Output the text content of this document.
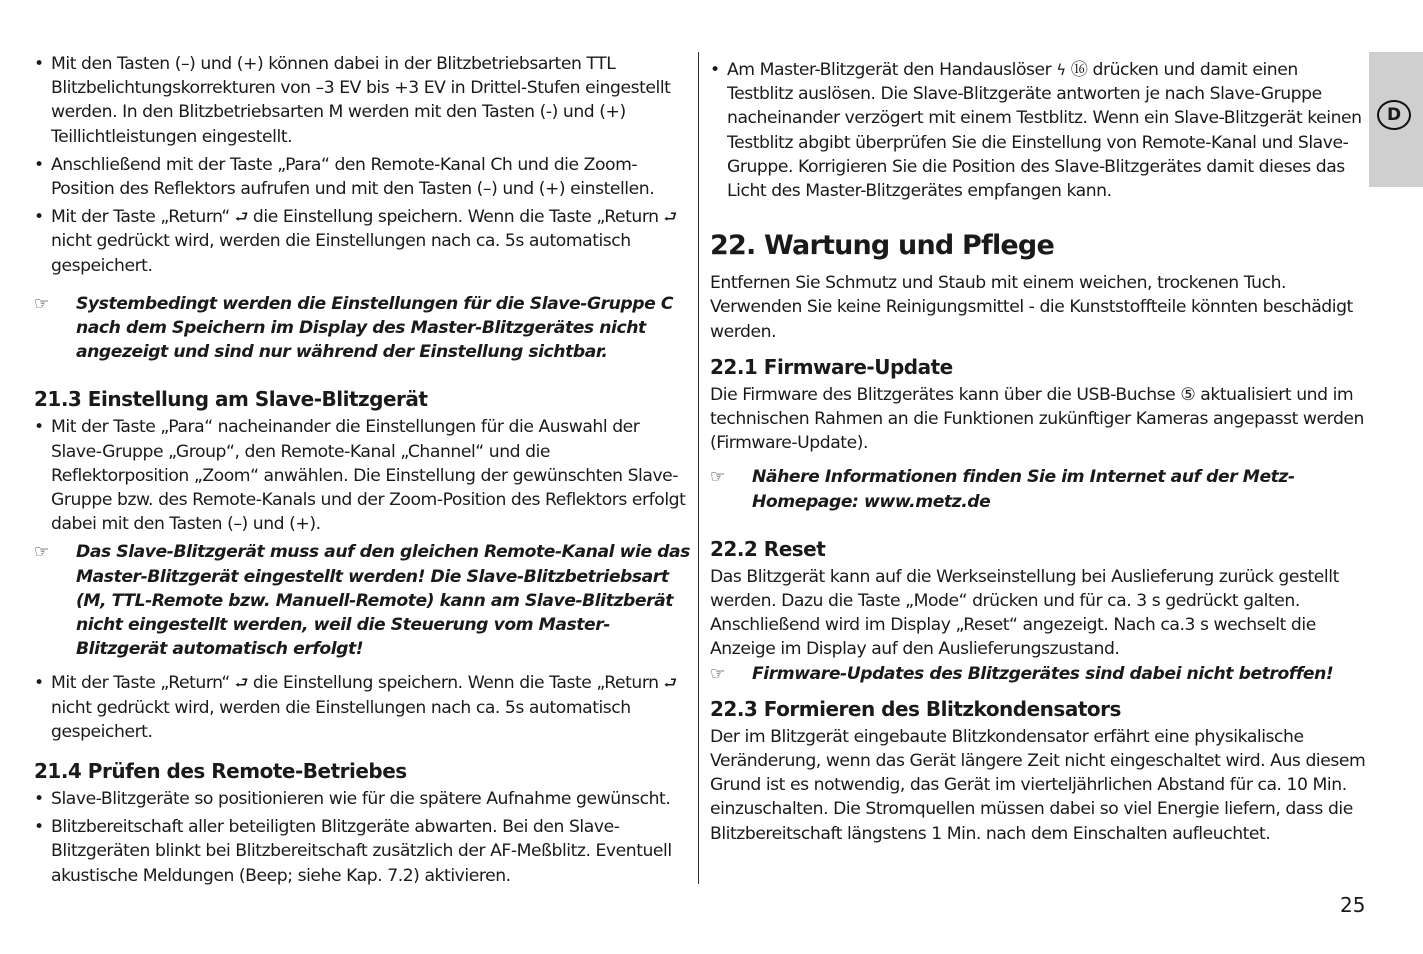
• Mit den Tasten (–) und (+) können dabei in der Blitzbetriebsarten TTL Blitzbelichtungskorrekturen von –3 EV bis +3 EV in Drittel-Stufen eingestellt werden. In den Blitzbetriebsarten M werden mit den Tasten (-) und (+) Teillichtleistungen eingestellt.
• Anschließend mit der Taste „Para“ den Remote-Kanal Ch und die Zoom-Position des Reflektors aufrufen und mit den Tasten (–) und (+) einstellen.
• Mit der Taste „Return“ ⮐ die Einstellung speichern. Wenn die Taste „Return ⮐ nicht gedrückt wird, werden die Einstellungen nach ca. 5s automatisch gespeichert.
☞ Systembedingt werden die Einstellungen für die Slave-Gruppe C nach dem Speichern im Display des Master-Blitzgerätes nicht angezeigt und sind nur während der Einstellung sichtbar.
21.3 Einstellung am Slave-Blitzgerät
• Mit der Taste „Para“ nacheinander die Einstellungen für die Auswahl der Slave-Gruppe „Group“, den Remote-Kanal „Channel“ und die Reflektorposition „Zoom“ anwählen. Die Einstellung der gewünschten Slave-Gruppe bzw. des Remote-Kanals und der Zoom-Position des Reflektors erfolgt dabei mit den Tasten (–) und (+).
☞ Das Slave-Blitzgerät muss auf den gleichen Remote-Kanal wie das Master-Blitzgerät eingestellt werden! Die Slave-Blitzbetriebsart (M, TTL-Remote bzw. Manuell-Remote) kann am Slave-Blitzberät nicht eingestellt werden, weil die Steuerung vom Master-Blitzgerät automatisch erfolgt!
• Mit der Taste „Return“ ⮐ die Einstellung speichern. Wenn die Taste „Return ⮐ nicht gedrückt wird, werden die Einstellungen nach ca. 5s automatisch gespeichert.
21.4 Prüfen des Remote-Betriebes
• Slave-Blitzgeräte so positionieren wie für die spätere Aufnahme gewünscht.
• Blitzbereitschaft aller beteiligten Blitzgeräte abwarten. Bei den Slave-Blitzgeräten blinkt bei Blitzbereitschaft zusätzlich der AF-Meßblitz. Eventuell akustische Meldungen (Beep; siehe Kap. 7.2) aktivieren.
• Am Master-Blitzgerät den Handauslöser ϟ ⑯ drücken und damit einen Testblitz auslösen. Die Slave-Blitzgeräte antworten je nach Slave-Gruppe nacheinander verzögert mit einem Testblitz. Wenn ein Slave-Blitzgerät keinen Testblitz abgibt überprüfen Sie die Einstellung von Remote-Kanal und Slave-Gruppe. Korrigieren Sie die Position des Slave-Blitzgerätes damit dieses das Licht des Master-Blitzgerätes empfangen kann.
22. Wartung und Pflege

Entfernen Sie Schmutz und Staub mit einem weichen, trockenen Tuch. Verwenden Sie keine Reinigungsmittel - die Kunststoffteile könnten beschädigt werden.

22.1 Firmware-Update

Die Firmware des Blitzgerätes kann über die USB-Buchse ⑤ aktualisiert und im technischen Rahmen an die Funktionen zukünftiger Kameras angepasst werden (Firmware-Update).

☞ Nähere Informationen finden Sie im Internet auf der Metz-Homepage: www.metz.de
22.2 Reset

Das Blitzgerät kann auf die Werkseinstellung bei Auslieferung zurück gestellt werden. Dazu die Taste „Mode“ drücken und für ca. 3 s gedrückt galten. Anschließend wird im Display „Reset“ angezeigt. Nach ca.3 s wechselt die Anzeige im Display auf den Auslieferungszustand.

☞ Firmware-Updates des Blitzgerätes sind dabei nicht betroffen!
22.3 Formieren des Blitzkondensators

Der im Blitzgerät eingebaute Blitzkondensator erfährt eine physikalische Veränderung, wenn das Gerät längere Zeit nicht eingeschaltet wird. Aus diesem Grund ist es notwendig, das Gerät im vierteljährlichen Abstand für ca. 10 Min. einzuschalten. Die Stromquellen müssen dabei so viel Energie liefern, dass die Blitzbereitschaft längstens 1 Min. nach dem Einschalten aufleuchtet.

D
25
